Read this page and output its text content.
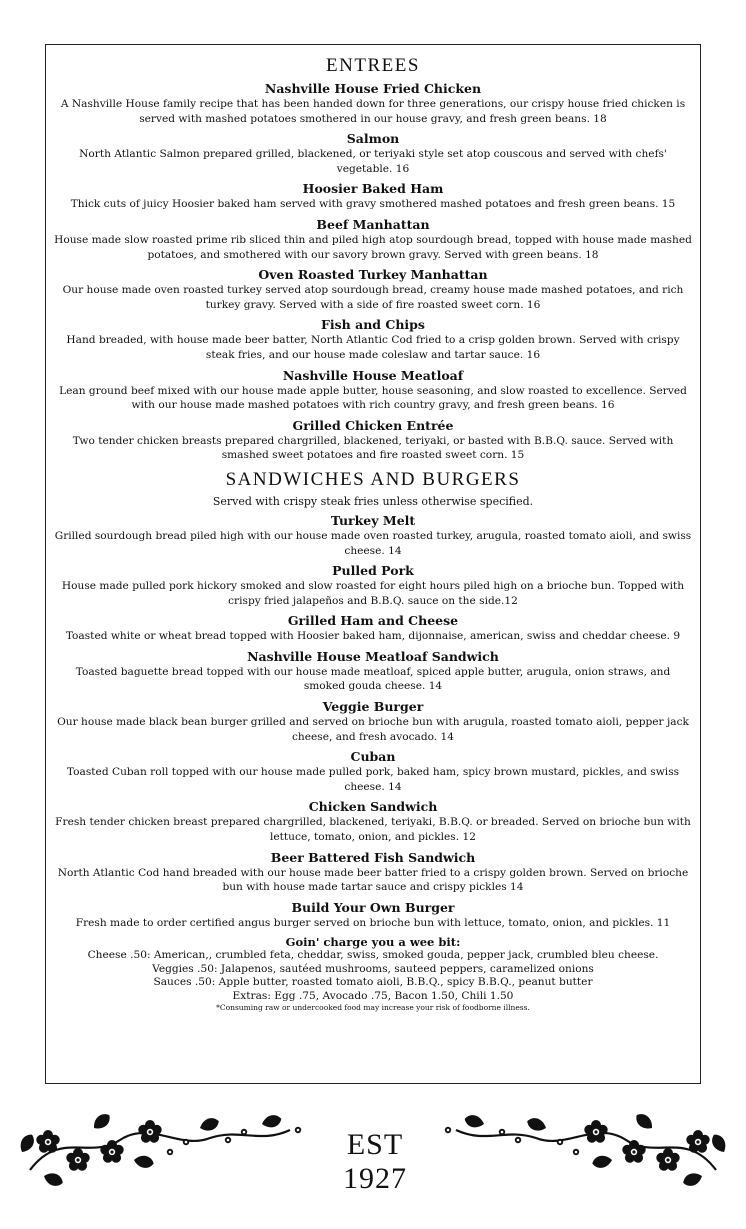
ENTREES

Nashville House Fried Chicken

A Nashville House family recipe that has been handed down for three generations, our crispy house fried chicken is served with mashed potatoes smothered in our house gravy, and fresh green beans. 18

Salmon

North Atlantic Salmon prepared grilled, blackened, or teriyaki style set atop couscous and served with chefs' vegetable. 16

Hoosier Baked Ham

Thick cuts of juicy Hoosier baked ham served with gravy smothered mashed potatoes and fresh green beans. 15

Beef Manhattan

House made slow roasted prime rib sliced thin and piled high atop sourdough bread, topped with house made mashed potatoes, and smothered with our savory brown gravy. Served with green beans. 18

Oven Roasted Turkey Manhattan

Our house made oven roasted turkey served atop sourdough bread, creamy house made mashed potatoes, and rich turkey gravy. Served with a side of fire roasted sweet corn. 16

Fish and Chips

Hand breaded, with house made beer batter, North Atlantic Cod fried to a crisp golden brown. Served with crispy steak fries, and our house made coleslaw and tartar sauce. 16

Nashville House Meatloaf

Lean ground beef mixed with our house made apple butter, house seasoning, and slow roasted to excellence. Served with our house made mashed potatoes with rich country gravy, and fresh green beans. 16

Grilled Chicken Entrée

Two tender chicken breasts prepared chargrilled, blackened, teriyaki, or basted with B.B.Q. sauce. Served with smashed sweet potatoes and fire roasted sweet corn. 15

SANDWICHES AND BURGERS

Served with crispy steak fries unless otherwise specified.

Turkey Melt

Grilled sourdough bread piled high with our house made oven roasted turkey, arugula, roasted tomato aioli, and swiss cheese. 14

Pulled Pork

House made pulled pork hickory smoked and slow roasted for eight hours piled high on a brioche bun. Topped with crispy fried jalapeños and B.B.Q. sauce on the side.12

Grilled Ham and Cheese

Toasted white or wheat bread topped with Hoosier baked ham, dijonnaise, american, swiss and cheddar cheese. 9

Nashville House Meatloaf Sandwich

Toasted baguette bread topped with our house made meatloaf, spiced apple butter, arugula, onion straws, and smoked gouda cheese. 14

Veggie Burger

Our house made black bean burger grilled and served on brioche bun with arugula, roasted tomato aioli, pepper jack cheese, and fresh avocado. 14

Cuban

Toasted Cuban roll topped with our house made pulled pork, baked ham, spicy brown mustard, pickles, and swiss cheese. 14

Chicken Sandwich

Fresh tender chicken breast prepared chargrilled, blackened, teriyaki, B.B.Q. or breaded. Served on brioche bun with lettuce, tomato, onion, and pickles. 12

Beer Battered Fish Sandwich

North Atlantic Cod hand breaded with our house made beer batter fried to a crispy golden brown. Served on brioche bun with house made tartar sauce and crispy pickles 14

Build Your Own Burger

Fresh made to order certified angus burger served on brioche bun with lettuce, tomato, onion, and pickles. 11

Goin' charge you a wee bit:

Cheese .50: American,, crumbled feta, cheddar, swiss, smoked gouda, pepper jack, crumbled bleu cheese.

Veggies .50: Jalapenos, sautéed mushrooms, sauteed peppers, caramelized onions

Sauces .50: Apple butter, roasted tomato aioli, B.B.Q., spicy B.B.Q., peanut butter

Extras: Egg .75, Avocado .75, Bacon 1.50, Chili 1.50

*Consuming raw or undercooked food may increase your risk of foodborne illness.

EST 1927
